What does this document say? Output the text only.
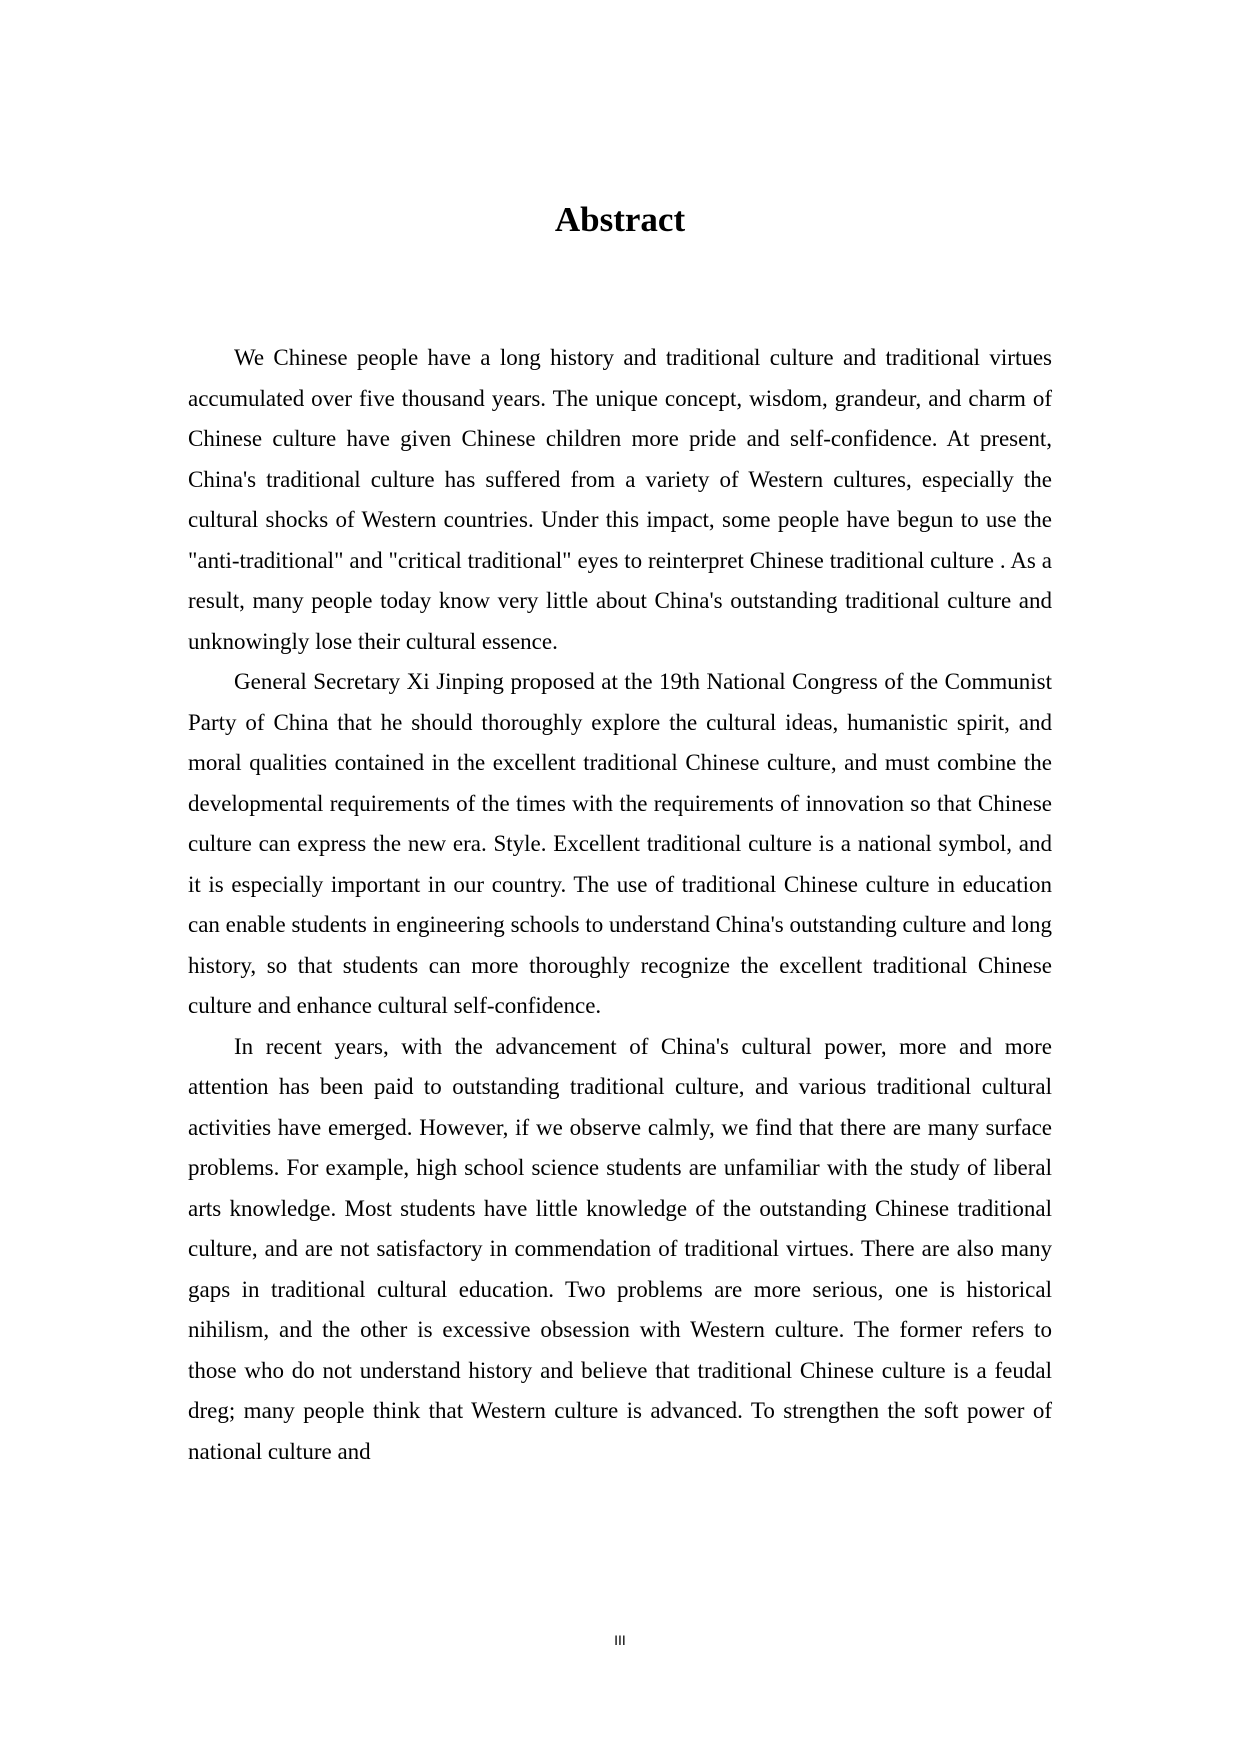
Abstract

We Chinese people have a long history and traditional culture and traditional virtues accumulated over five thousand years. The unique concept, wisdom, grandeur, and charm of Chinese culture have given Chinese children more pride and self-confidence. At present, China's traditional culture has suffered from a variety of Western cultures, especially the cultural shocks of Western countries. Under this impact, some people have begun to use the "anti-traditional" and "critical traditional" eyes to reinterpret Chinese traditional culture . As a result, many people today know very little about China's outstanding traditional culture and unknowingly lose their cultural essence.

General Secretary Xi Jinping proposed at the 19th National Congress of the Communist Party of China that he should thoroughly explore the cultural ideas, humanistic spirit, and moral qualities contained in the excellent traditional Chinese culture, and must combine the developmental requirements of the times with the requirements of innovation so that Chinese culture can express the new era. Style. Excellent traditional culture is a national symbol, and it is especially important in our country. The use of traditional Chinese culture in education can enable students in engineering schools to understand China's outstanding culture and long history, so that students can more thoroughly recognize the excellent traditional Chinese culture and enhance cultural self-confidence.

In recent years, with the advancement of China's cultural power, more and more attention has been paid to outstanding traditional culture, and various traditional cultural activities have emerged. However, if we observe calmly, we find that there are many surface problems. For example, high school science students are unfamiliar with the study of liberal arts knowledge. Most students have little knowledge of the outstanding Chinese traditional culture, and are not satisfactory in commendation of traditional virtues. There are also many gaps in traditional cultural education. Two problems are more serious, one is historical nihilism, and the other is excessive obsession with Western culture. The former refers to those who do not understand history and believe that traditional Chinese culture is a feudal dreg; many people think that Western culture is advanced. To strengthen the soft power of national culture and

III
